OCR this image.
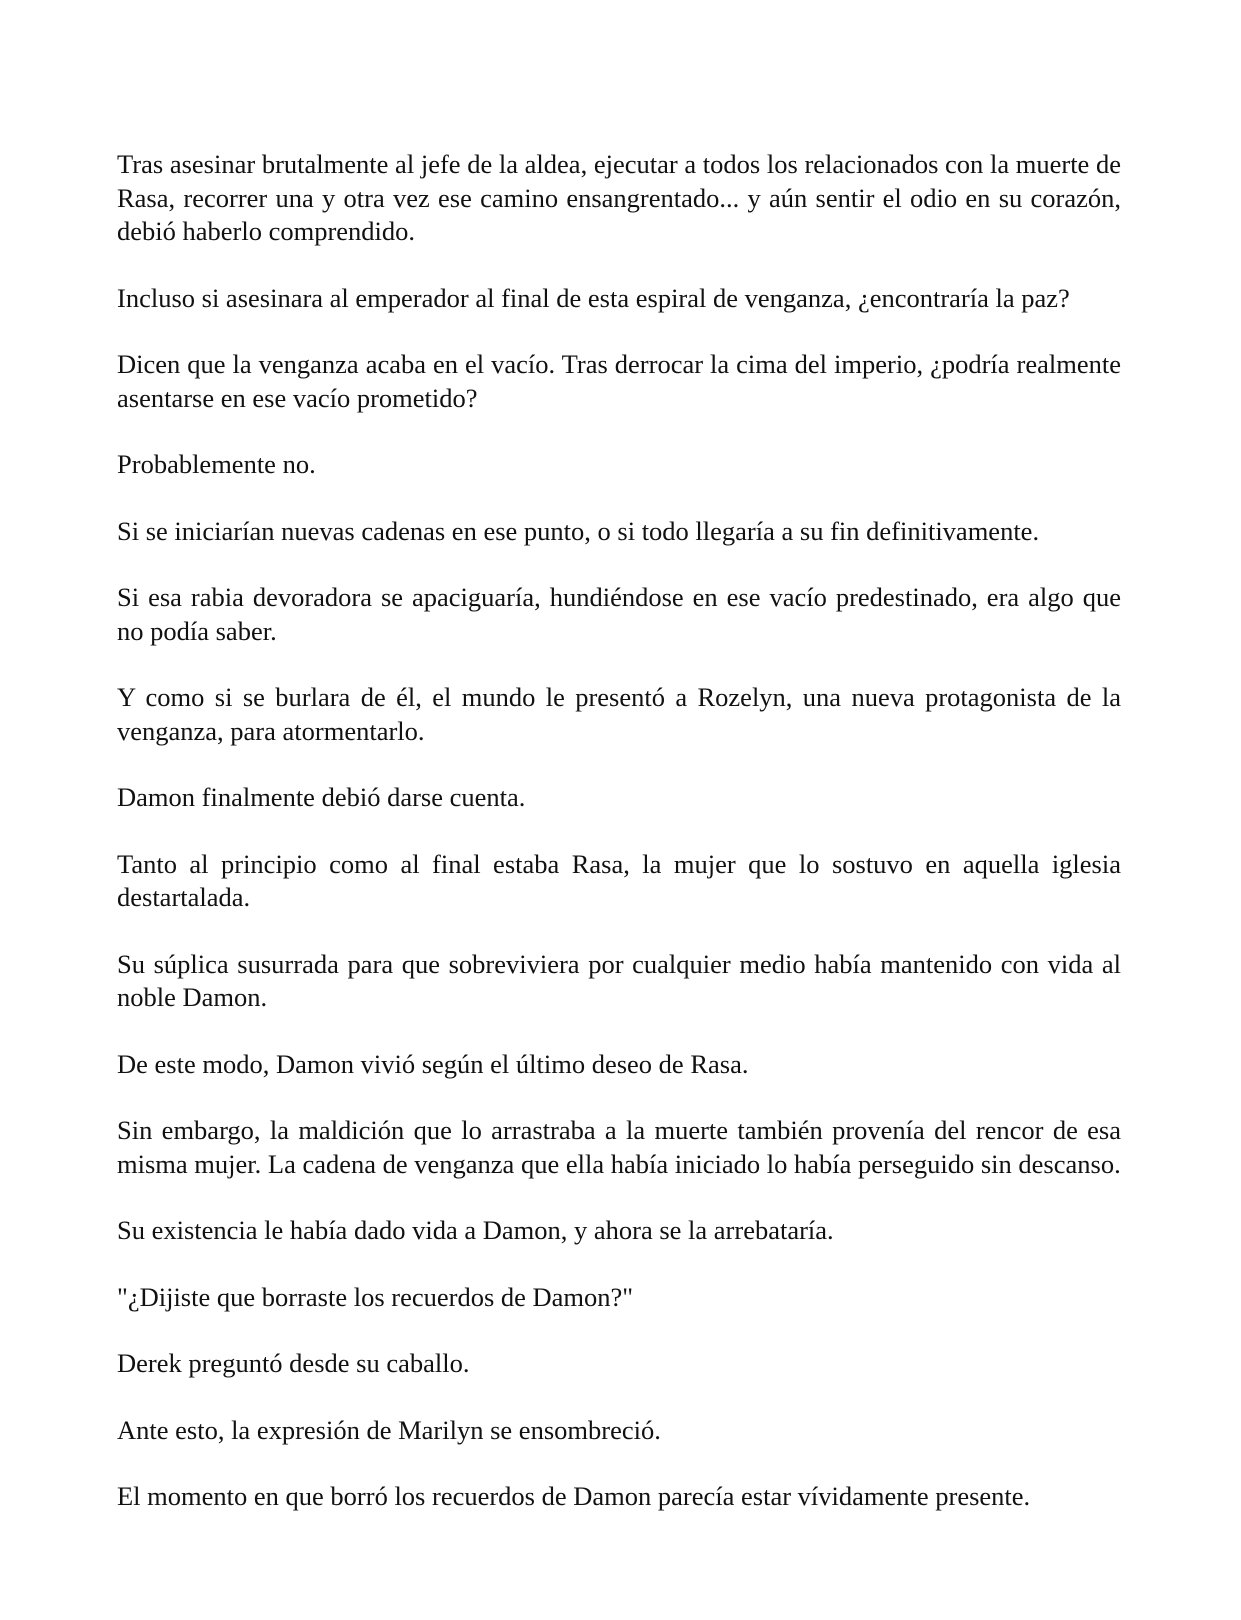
Tras asesinar brutalmente al jefe de la aldea, ejecutar a todos los relacionados con la muerte de Rasa, recorrer una y otra vez ese camino ensangrentado... y aún sentir el odio en su corazón, debió haberlo comprendido.

Incluso si asesinara al emperador al final de esta espiral de venganza, ¿encontraría la paz?

Dicen que la venganza acaba en el vacío. Tras derrocar la cima del imperio, ¿podría realmente asentarse en ese vacío prometido?

Probablemente no.

Si se iniciarían nuevas cadenas en ese punto, o si todo llegaría a su fin definitivamente.

Si esa rabia devoradora se apaciguaría, hundiéndose en ese vacío predestinado, era algo que no podía saber.

Y como si se burlara de él, el mundo le presentó a Rozelyn, una nueva protagonista de la venganza, para atormentarlo.

Damon finalmente debió darse cuenta.

Tanto al principio como al final estaba Rasa, la mujer que lo sostuvo en aquella iglesia destartalada.

Su súplica susurrada para que sobreviviera por cualquier medio había mantenido con vida al noble Damon.

De este modo, Damon vivió según el último deseo de Rasa.

Sin embargo, la maldición que lo arrastraba a la muerte también provenía del rencor de esa misma mujer. La cadena de venganza que ella había iniciado lo había perseguido sin descanso.

Su existencia le había dado vida a Damon, y ahora se la arrebataría.

"¿Dijiste que borraste los recuerdos de Damon?"

Derek preguntó desde su caballo.

Ante esto, la expresión de Marilyn se ensombreció.

El momento en que borró los recuerdos de Damon parecía estar vívidamente presente.
